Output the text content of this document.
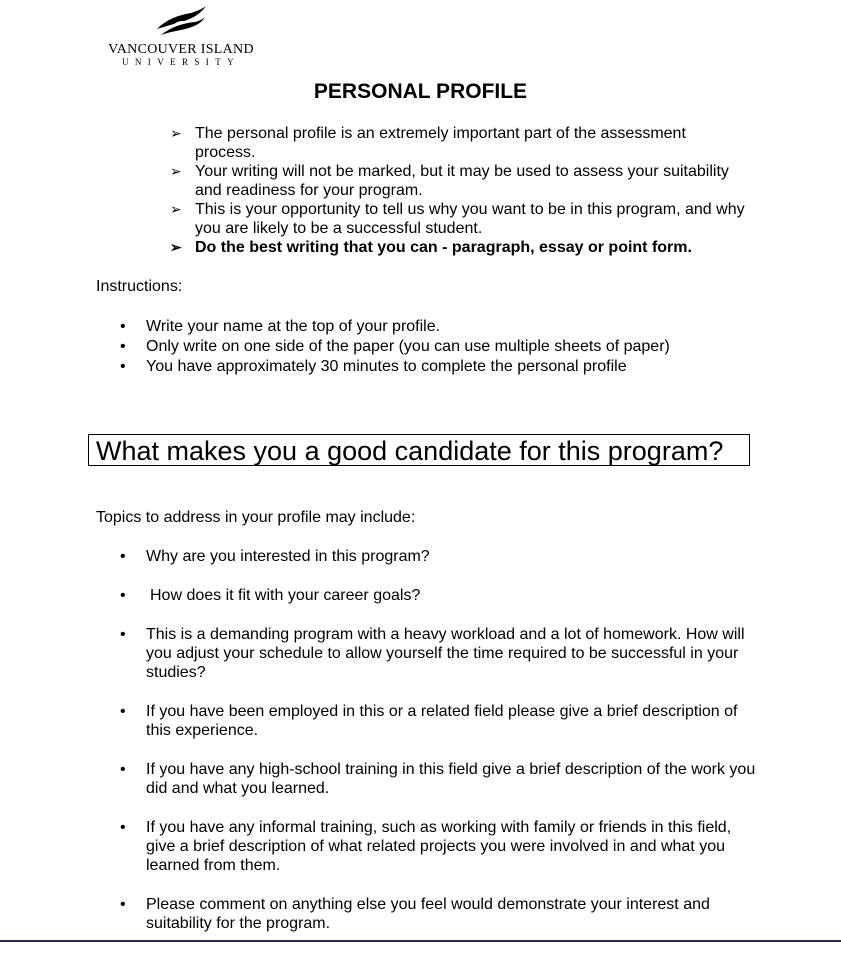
VANCOUVER ISLAND
UNIVERSITY
PERSONAL PROFILE
➢ The personal profile is an extremely important part of the assessment process.
➢ Your writing will not be marked, but it may be used to assess your suitability and readiness for your program.
➢ This is your opportunity to tell us why you want to be in this program, and why you are likely to be a successful student.
➢ Do the best writing that you can - paragraph, essay or point form.
Instructions:
• Write your name at the top of your profile.
• Only write on one side of the paper (you can use multiple sheets of paper)
• You have approximately 30 minutes to complete the personal profile
What makes you a good candidate for this program?
Topics to address in your profile may include:
• Why are you interested in this program?
• How does it fit with your career goals?
• This is a demanding program with a heavy workload and a lot of homework. How will you adjust your schedule to allow yourself the time required to be successful in your studies?
• If you have been employed in this or a related field please give a brief description of this experience.
• If you have any high-school training in this field give a brief description of the work you did and what you learned.
• If you have any informal training, such as working with family or friends in this field, give a brief description of what related projects you were involved in and what you learned from them.
• Please comment on anything else you feel would demonstrate your interest and suitability for the program.
